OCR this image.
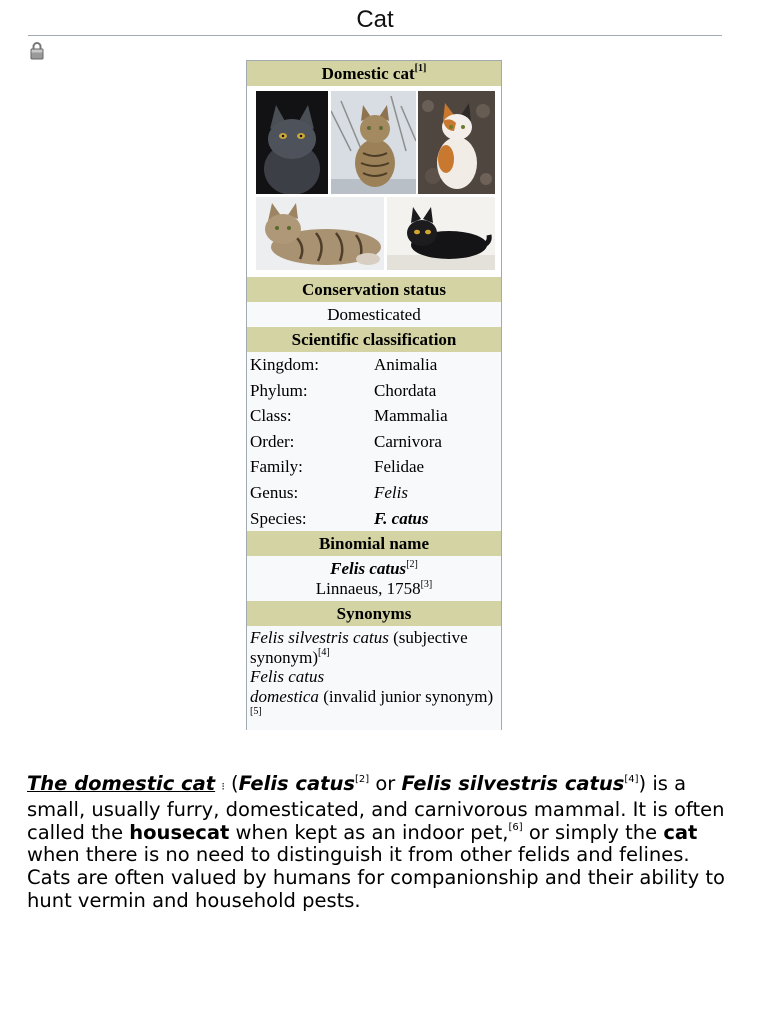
Cat
Domestic cat[1]
Conservation status
Domesticated
Scientific classification
Kingdom:	Animalia
Phylum:	Chordata
Class:	Mammalia
Order:	Carnivora
Family:	Felidae
Genus:	Felis
Species:	F. catus
Binomial name
Felis catus[2]
Linnaeus, 1758[3]
Synonyms
Felis silvestris catus (subjective synonym)[4]
Felis catus
domestica (invalid junior synonym)[5]
The domestic cat ⁝ (Felis catus[2] or Felis silvestris catus[4]) is a small, usually furry, domesticated, and carnivorous mammal. It is often called the housecat when kept as an indoor pet,[6] or simply the cat when there is no need to distinguish it from other felids and felines. Cats are often valued by humans for companionship and their ability to hunt vermin and household pests.
